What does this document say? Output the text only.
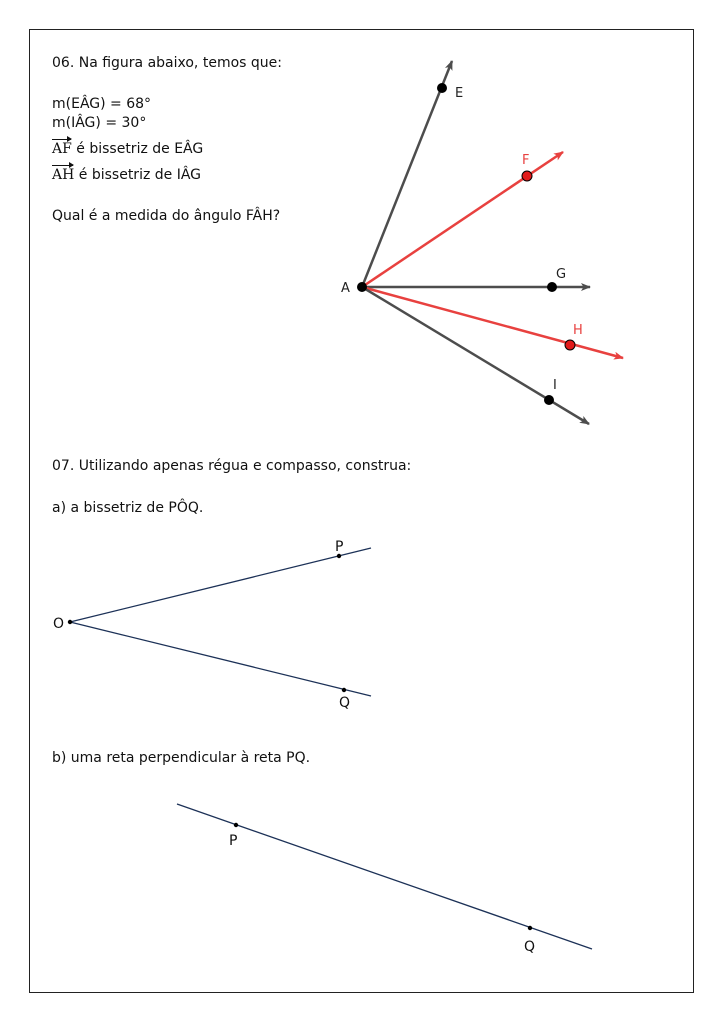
06. Na figura abaixo, temos que:
m(EÂG) = 68°
m(IÂG) = 30°
AF é bissetriz de EÂG
AH é bissetriz de IÂG
Qual é a medida do ângulo FÂH?
07. Utilizando apenas régua e compasso, construa:
a) a bissetriz de PÔQ.
b) uma reta perpendicular à reta PQ.
A
E
F
G
H
I
O
P
Q
P
Q
